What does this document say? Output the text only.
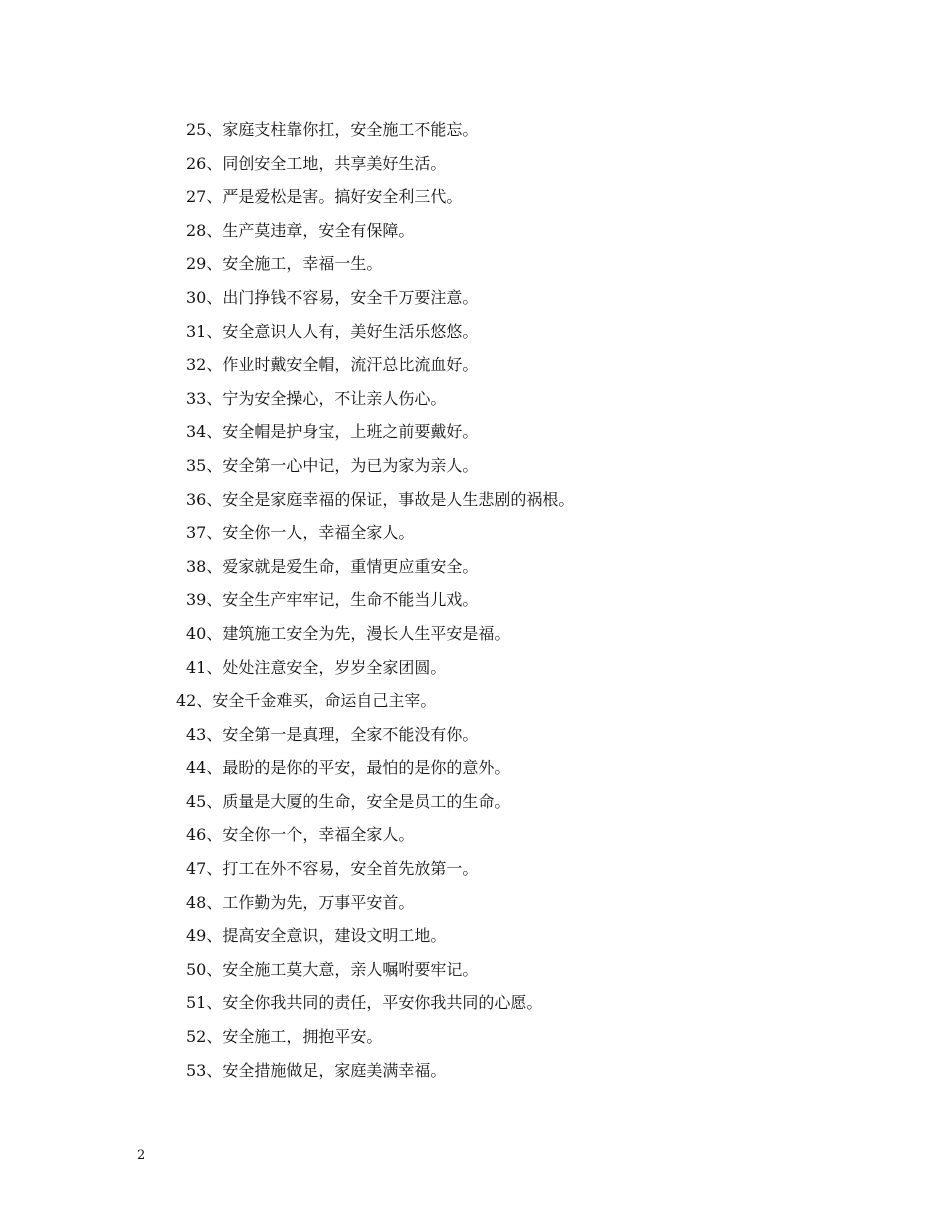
25、家庭支柱靠你扛，安全施工不能忘。
26、同创安全工地，共享美好生活。
27、严是爱松是害。搞好安全利三代。
28、生产莫违章，安全有保障。
29、安全施工，幸福一生。
30、出门挣钱不容易，安全千万要注意。
31、安全意识人人有，美好生活乐悠悠。
32、作业时戴安全帽，流汗总比流血好。
33、宁为安全操心，不让亲人伤心。
34、安全帽是护身宝，上班之前要戴好。
35、安全第一心中记，为已为家为亲人。
36、安全是家庭幸福的保证，事故是人生悲剧的祸根。
37、安全你一人，幸福全家人。
38、爱家就是爱生命，重情更应重安全。
39、安全生产牢牢记，生命不能当儿戏。
40、建筑施工安全为先，漫长人生平安是福。
41、处处注意安全，岁岁全家团圆。
42、安全千金难买，命运自己主宰。
43、安全第一是真理，全家不能没有你。
44、最盼的是你的平安，最怕的是你的意外。
45、质量是大厦的生命，安全是员工的生命。
46、安全你一个，幸福全家人。
47、打工在外不容易，安全首先放第一。
48、工作勤为先，万事平安首。
49、提高安全意识，建设文明工地。
50、安全施工莫大意，亲人嘱咐要牢记。
51、安全你我共同的责任，平安你我共同的心愿。
52、安全施工，拥抱平安。
53、安全措施做足，家庭美满幸福。
2
